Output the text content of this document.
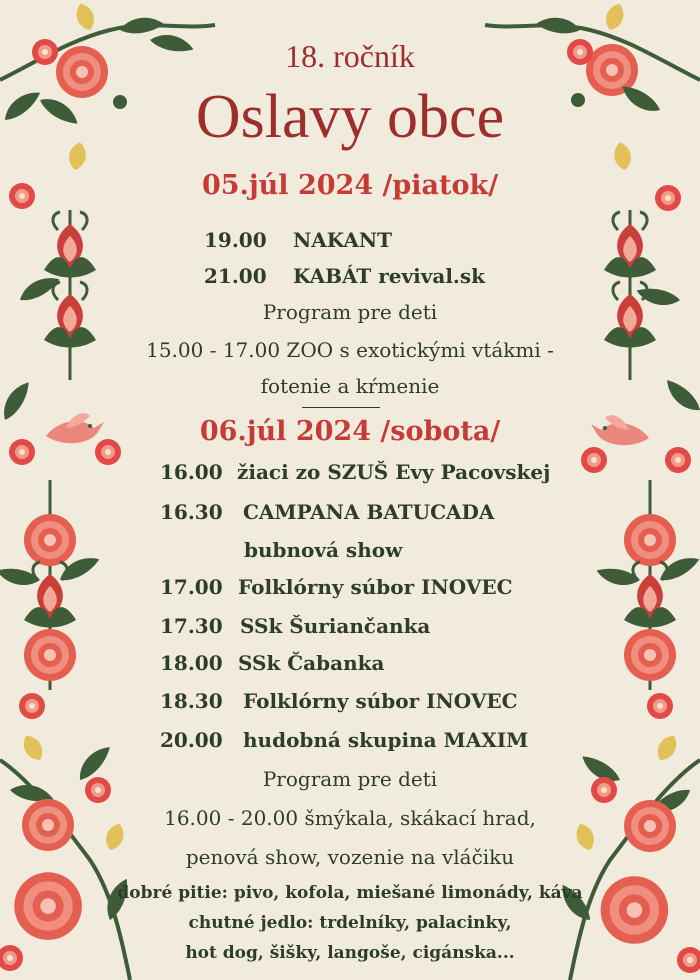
18. ročník
Oslavy obce
05.júl 2024 /piatok/
19.00 NAKANT
21.00 KABÁT revival.sk
Program pre deti
15.00 - 17.00 ZOO s exotickými vtákmi -
fotenie a kŕmenie
06.júl 2024 /sobota/
16.00 žiaci zo SZUŠ Evy Pacovskej
16.30 CAMPANA BATUCADA
bubnová show
17.00 Folklórny súbor INOVEC
17.30 SSk Šuriančanka
18.00 SSk Čabanka
18.30 Folklórny súbor INOVEC
20.00 hudobná skupina MAXIM
Program pre deti
16.00 - 20.00 šmýkala, skákací hrad,
penová show, vozenie na vláčiku
dobré pitie: pivo, kofola, miešané limonády, káva
chutné jedlo: trdelníky, palacinky,
hot dog, šišky, langoše, cigánska...
